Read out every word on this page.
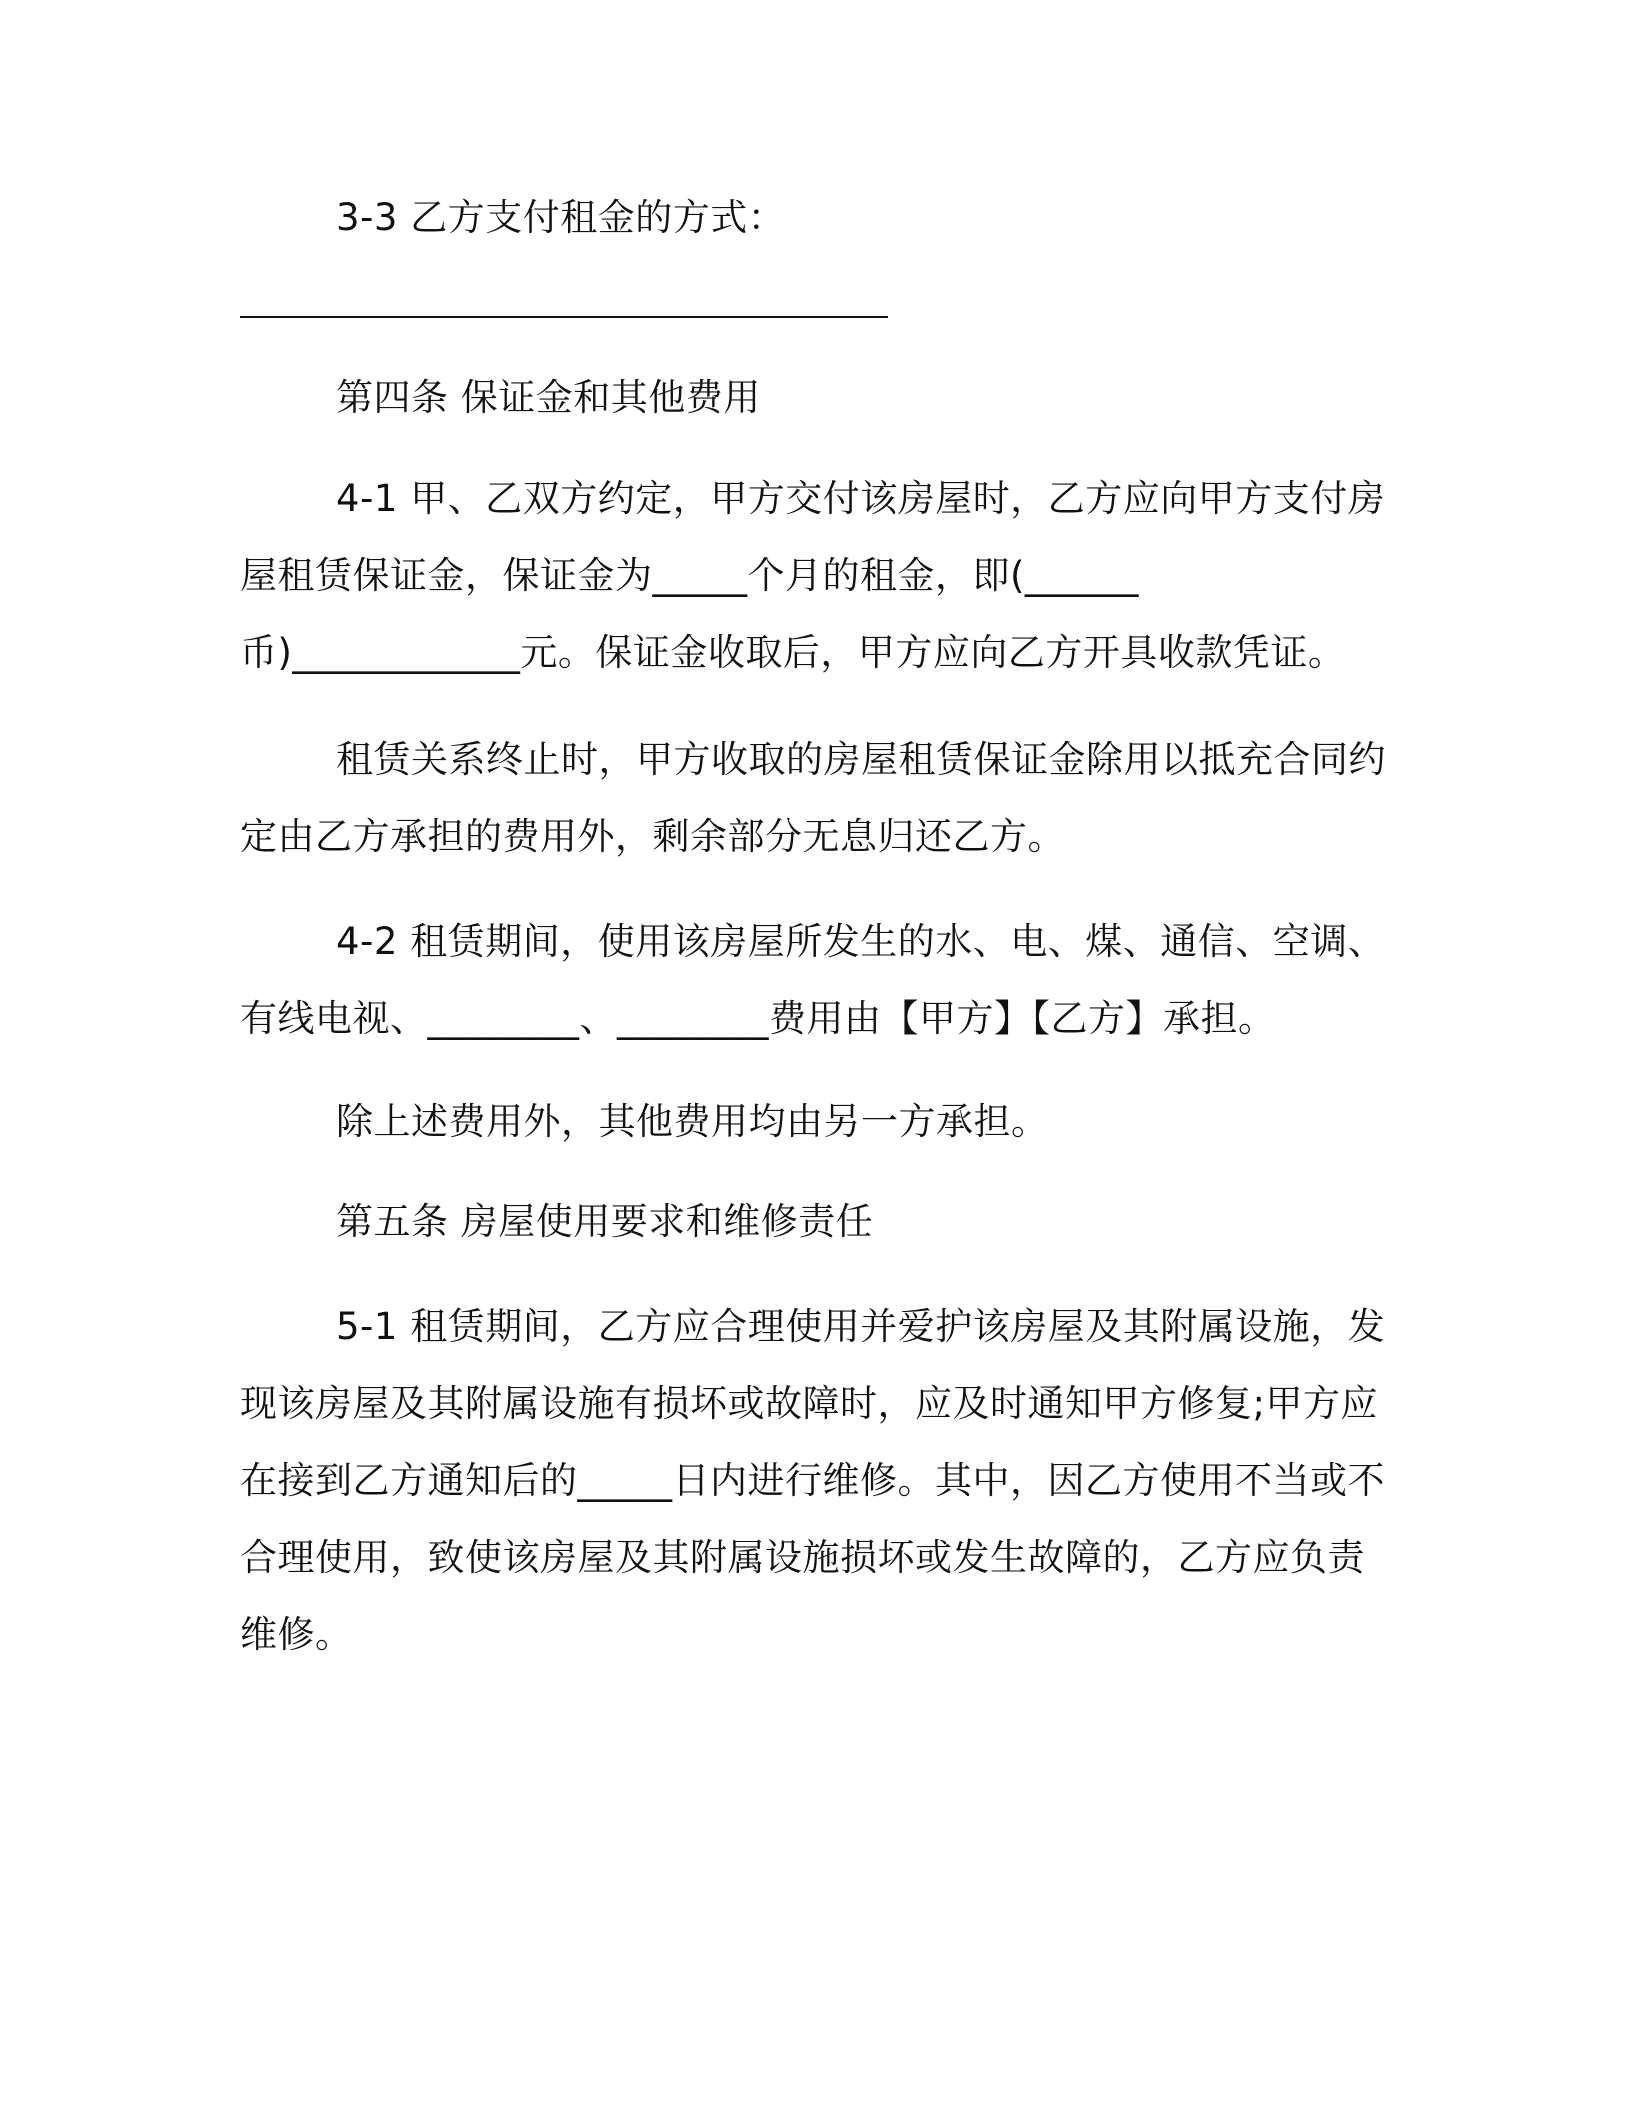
3-3 乙方支付租金的方式：
第四条 保证金和其他费用
4-1 甲、乙双方约定，甲方交付该房屋时，乙方应向甲方支付房
屋租赁保证金，保证金为_____个月的租金，即(______
币)____________元。保证金收取后，甲方应向乙方开具收款凭证。
租赁关系终止时，甲方收取的房屋租赁保证金除用以抵充合同约
定由乙方承担的费用外，剩余部分无息归还乙方。
4-2 租赁期间，使用该房屋所发生的水、电、煤、通信、空调、
有线电视、________、________费用由【甲方】【乙方】承担。
除上述费用外，其他费用均由另一方承担。
第五条 房屋使用要求和维修责任
5-1 租赁期间，乙方应合理使用并爱护该房屋及其附属设施，发
现该房屋及其附属设施有损坏或故障时，应及时通知甲方修复;甲方应
在接到乙方通知后的_____日内进行维修。其中，因乙方使用不当或不
合理使用，致使该房屋及其附属设施损坏或发生故障的，乙方应负责
维修。
